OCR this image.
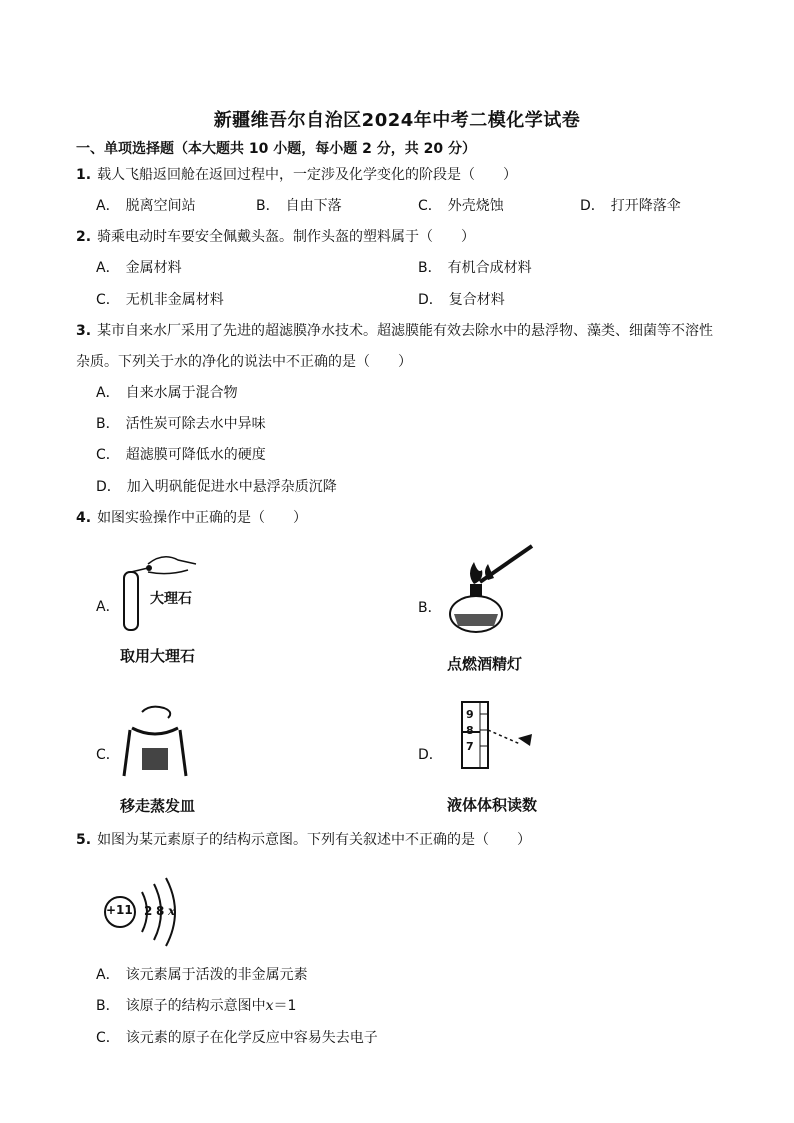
新疆维吾尔自治区2024年中考二模化学试卷
一、单项选择题（本大题共 10 小题，每小题 2 分，共 20 分）
1. 载人飞船返回舱在返回过程中，一定涉及化学变化的阶段是（　　）
A． 脱离空间站	B． 自由下落	C． 外壳烧蚀	D． 打开降落伞
2. 骑乘电动时车要安全佩戴头盔。制作头盔的塑料属于（　　）
A． 金属材料	B． 有机合成材料
C． 无机非金属材料	D． 复合材料
3. 某市自来水厂采用了先进的超滤膜净水技术。超滤膜能有效去除水中的悬浮物、藻类、细菌等不溶性
杂质。下列关于水的净化的说法中不正确的是（　　）
A． 自来水属于混合物
B． 活性炭可除去水中异味
C． 超滤膜可降低水的硬度
D． 加入明矾能促进水中悬浮杂质沉降
4. 如图实验操作中正确的是（　　）
A． 大理石
取用大理石
B．
点燃酒精灯
C．
移走蒸发皿
D．
9
8
7
液体体积读数
5. 如图为某元素原子的结构示意图。下列有关叙述中不正确的是（　　）
+11 2 8 x
A． 该元素属于活泼的非金属元素
B． 该原子的结构示意图中x＝1
C． 该元素的原子在化学反应中容易失去电子
